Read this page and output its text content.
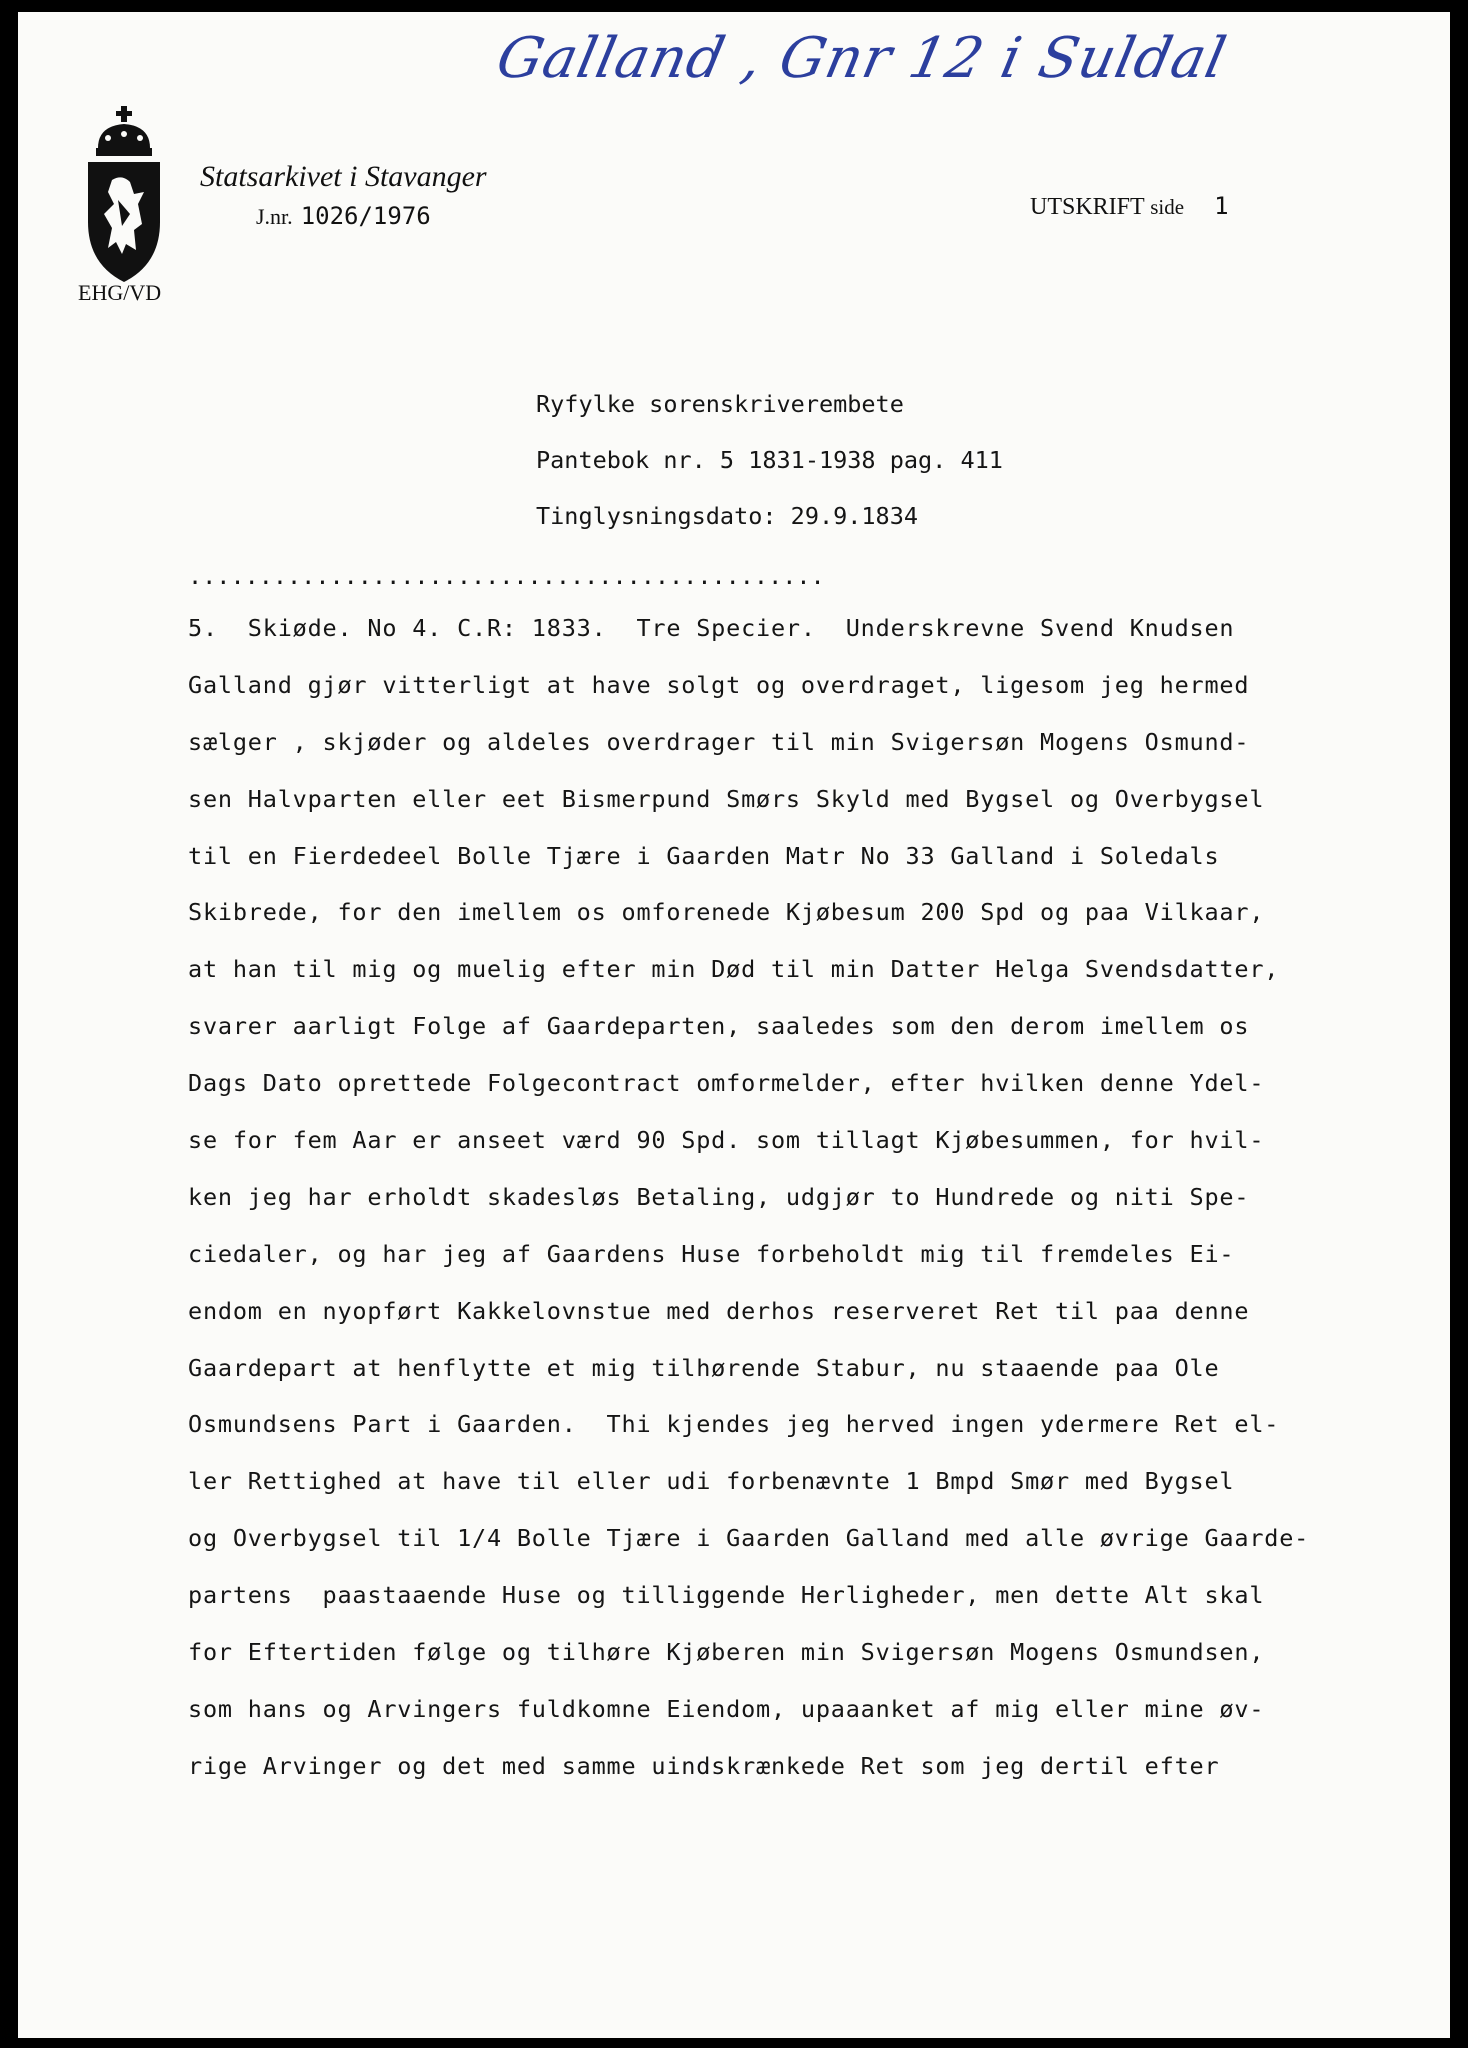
Galland , Gnr 12 i Suldal
Statsarkivet i Stavanger
J.nr. 1026/1976
EHG/VD
UTSKRIFT side 1
Ryfylke sorenskriverembete
Pantebok nr. 5 1831-1938 pag. 411
Tinglysningsdato: 29.9.1834
.............................................
5.  Skiøde. No 4. C.R: 1833.  Tre Specier.  Underskrevne Svend Knudsen
Galland gjør vitterligt at have solgt og overdraget, ligesom jeg hermed
sælger , skjøder og aldeles overdrager til min Svigersøn Mogens Osmund-
sen Halvparten eller eet Bismerpund Smørs Skyld med Bygsel og Overbygsel
til en Fierdedeel Bolle Tjære i Gaarden Matr No 33 Galland i Soledals
Skibrede, for den imellem os omforenede Kjøbesum 200 Spd og paa Vilkaar,
at han til mig og muelig efter min Død til min Datter Helga Svendsdatter,
svarer aarligt Folge af Gaardeparten, saaledes som den derom imellem os
Dags Dato oprettede Folgecontract omformelder, efter hvilken denne Ydel-
se for fem Aar er anseet værd 90 Spd. som tillagt Kjøbesummen, for hvil-
ken jeg har erholdt skadesløs Betaling, udgjør to Hundrede og niti Spe-
ciedaler, og har jeg af Gaardens Huse forbeholdt mig til fremdeles Ei-
endom en nyopført Kakkelovnstue med derhos reserveret Ret til paa denne
Gaardepart at henflytte et mig tilhørende Stabur, nu staaende paa Ole
Osmundsens Part i Gaarden.  Thi kjendes jeg herved ingen ydermere Ret el-
ler Rettighed at have til eller udi forbenævnte 1 Bmpd Smør med Bygsel
og Overbygsel til 1/4 Bolle Tjære i Gaarden Galland med alle øvrige Gaarde-
partens  paastaaende Huse og tilliggende Herligheder, men dette Alt skal
for Eftertiden følge og tilhøre Kjøberen min Svigersøn Mogens Osmundsen,
som hans og Arvingers fuldkomne Eiendom, upaaanket af mig eller mine øv-
rige Arvinger og det med samme uindskrænkede Ret som jeg dertil efter
